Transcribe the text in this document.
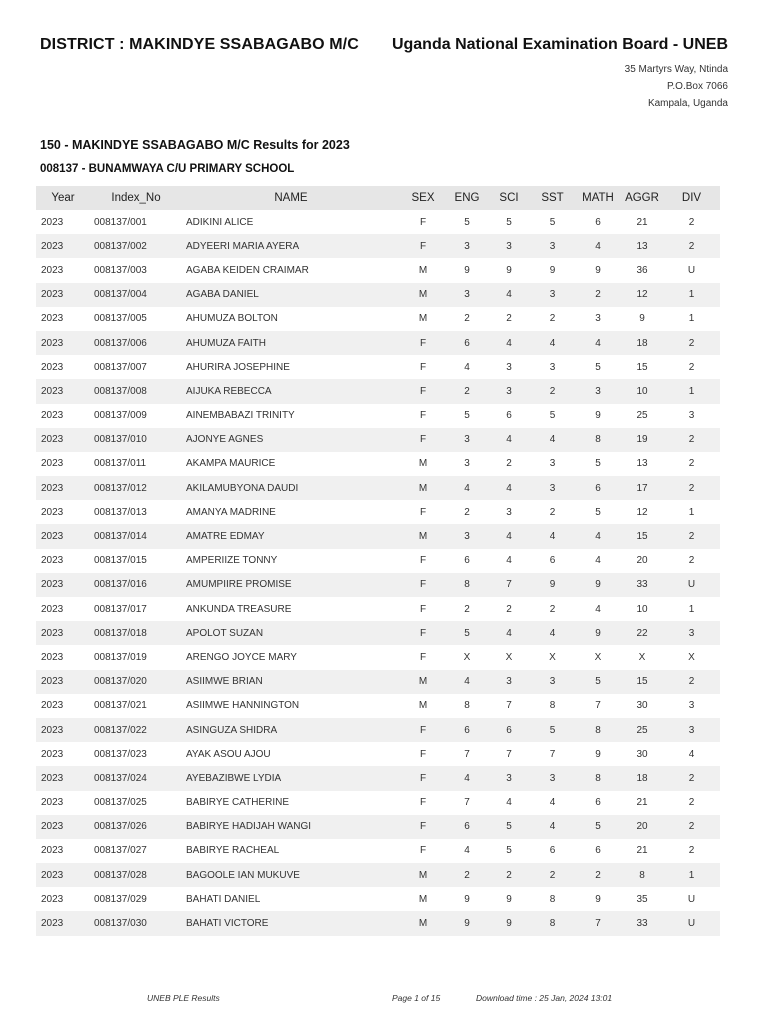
DISTRICT : MAKINDYE SSABAGABO M/C Uganda National Examination Board - UNEB
35 Martyrs Way, Ntinda
P.O.Box 7066
Kampala, Uganda
150 - MAKINDYE SSABAGABO M/C Results for 2023
008137 - BUNAMWAYA C/U PRIMARY SCHOOL
Year	Index_No	NAME	SEX	ENG	SCI	SST	MATH	AGGR	DIV
2023	008137/001	ADIKINI ALICE	F	5	5	5	6	21	2
2023	008137/002	ADYEERI MARIA AYERA	F	3	3	3	4	13	2
2023	008137/003	AGABA KEIDEN CRAIMAR	M	9	9	9	9	36	U
2023	008137/004	AGABA DANIEL	M	3	4	3	2	12	1
2023	008137/005	AHUMUZA BOLTON	M	2	2	2	3	9	1
2023	008137/006	AHUMUZA FAITH	F	6	4	4	4	18	2
2023	008137/007	AHURIRA JOSEPHINE	F	4	3	3	5	15	2
2023	008137/008	AIJUKA REBECCA	F	2	3	2	3	10	1
2023	008137/009	AINEMBABAZI TRINITY	F	5	6	5	9	25	3
2023	008137/010	AJONYE AGNES	F	3	4	4	8	19	2
2023	008137/011	AKAMPA MAURICE	M	3	2	3	5	13	2
2023	008137/012	AKILAMUBYONA DAUDI	M	4	4	3	6	17	2
2023	008137/013	AMANYA MADRINE	F	2	3	2	5	12	1
2023	008137/014	AMATRE EDMAY	M	3	4	4	4	15	2
2023	008137/015	AMPERIIZE TONNY	F	6	4	6	4	20	2
2023	008137/016	AMUMPIIRE PROMISE	F	8	7	9	9	33	U
2023	008137/017	ANKUNDA TREASURE	F	2	2	2	4	10	1
2023	008137/018	APOLOT SUZAN	F	5	4	4	9	22	3
2023	008137/019	ARENGO JOYCE MARY	F	X	X	X	X	X	X
2023	008137/020	ASIIMWE BRIAN	M	4	3	3	5	15	2
2023	008137/021	ASIIMWE HANNINGTON	M	8	7	8	7	30	3
2023	008137/022	ASINGUZA SHIDRA	F	6	6	5	8	25	3
2023	008137/023	AYAK ASOU AJOU	F	7	7	7	9	30	4
2023	008137/024	AYEBAZIBWE LYDIA	F	4	3	3	8	18	2
2023	008137/025	BABIRYE CATHERINE	F	7	4	4	6	21	2
2023	008137/026	BABIRYE HADIJAH WANGI	F	6	5	4	5	20	2
2023	008137/027	BABIRYE RACHEAL	F	4	5	6	6	21	2
2023	008137/028	BAGOOLE IAN MUKUVE	M	2	2	2	2	8	1
2023	008137/029	BAHATI DANIEL	M	9	9	8	9	35	U
2023	008137/030	BAHATI VICTORE	M	9	9	8	7	33	U
UNEB PLE Results	Page 1 of 15	Download time : 25 Jan, 2024 13:01
